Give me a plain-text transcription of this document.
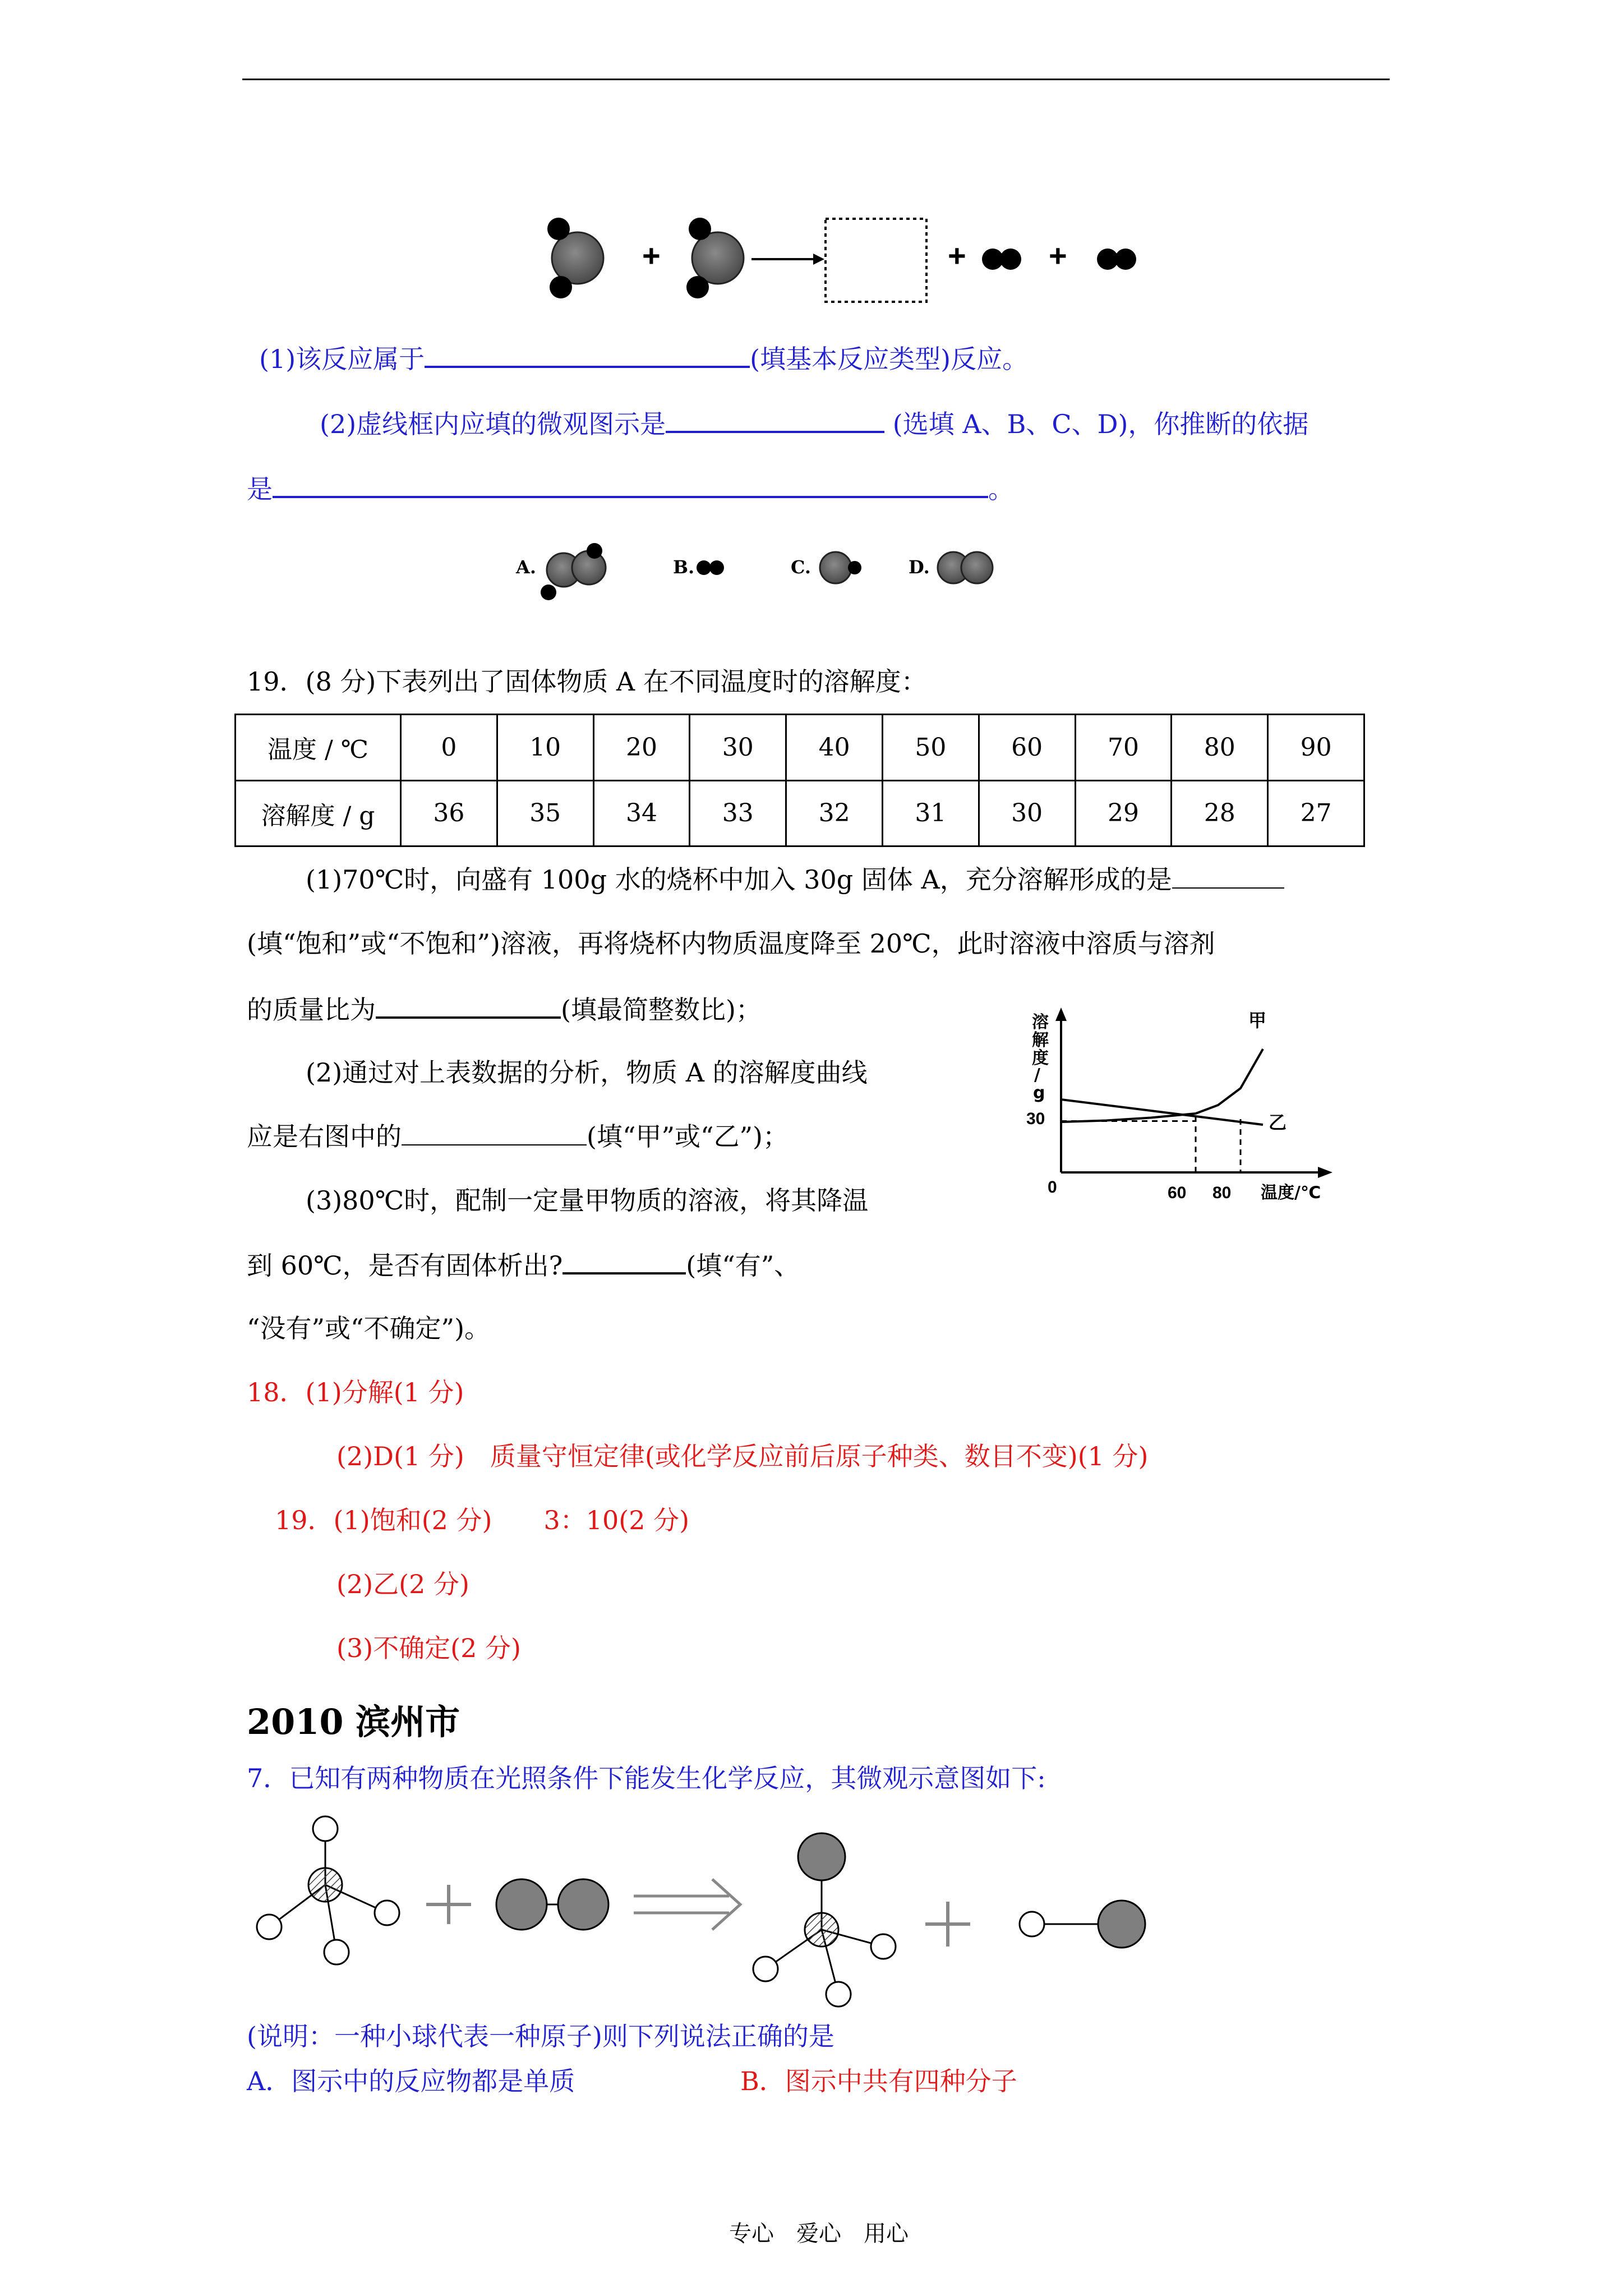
+	+	+
(1)该反应属于	(填基本反应类型)反应。
(2)虚线框内应填的微观图示是	(选填 A、B、C、D)，你推断的依据
是	。
A.	B.	C.	D.
19．(8 分)下表列出了固体物质 A 在不同温度时的溶解度：
温度 / ℃	0	10	20	30	40	50	60	70	80	90
溶解度 / g	36	35	34	33	32	31	30	29	28	27
(1)70℃时，向盛有 100g 水的烧杯中加入 30g 固体 A，充分溶解形成的是
(填“饱和”或“不饱和”)溶液，再将烧杯内物质温度降至 20℃，此时溶液中溶质与溶剂
的质量比为	(填最简整数比)；
(2)通过对上表数据的分析，物质 A 的溶解度曲线
应是右图中的	(填“甲”或“乙”)；
(3)80℃时，配制一定量甲物质的溶液，将其降温
到 60℃，是否有固体析出?	(填“有”、
“没有”或“不确定”)。
溶
解
度
/
g
30
0	60 80 温度/℃
甲
乙
18．(1)分解(1 分)
(2)D(1 分)　质量守恒定律(或化学反应前后原子种类、数目不变)(1 分)
19．(1)饱和(2 分)　　3：10(2 分)
(2)乙(2 分)
(3)不确定(2 分)
2010 滨州市
7．已知有两种物质在光照条件下能发生化学反应，其微观示意图如下:
(说明：一种小球代表一种原子)则下列说法正确的是
A．图示中的反应物都是单质	B．图示中共有四种分子
专心　爱心　用心
